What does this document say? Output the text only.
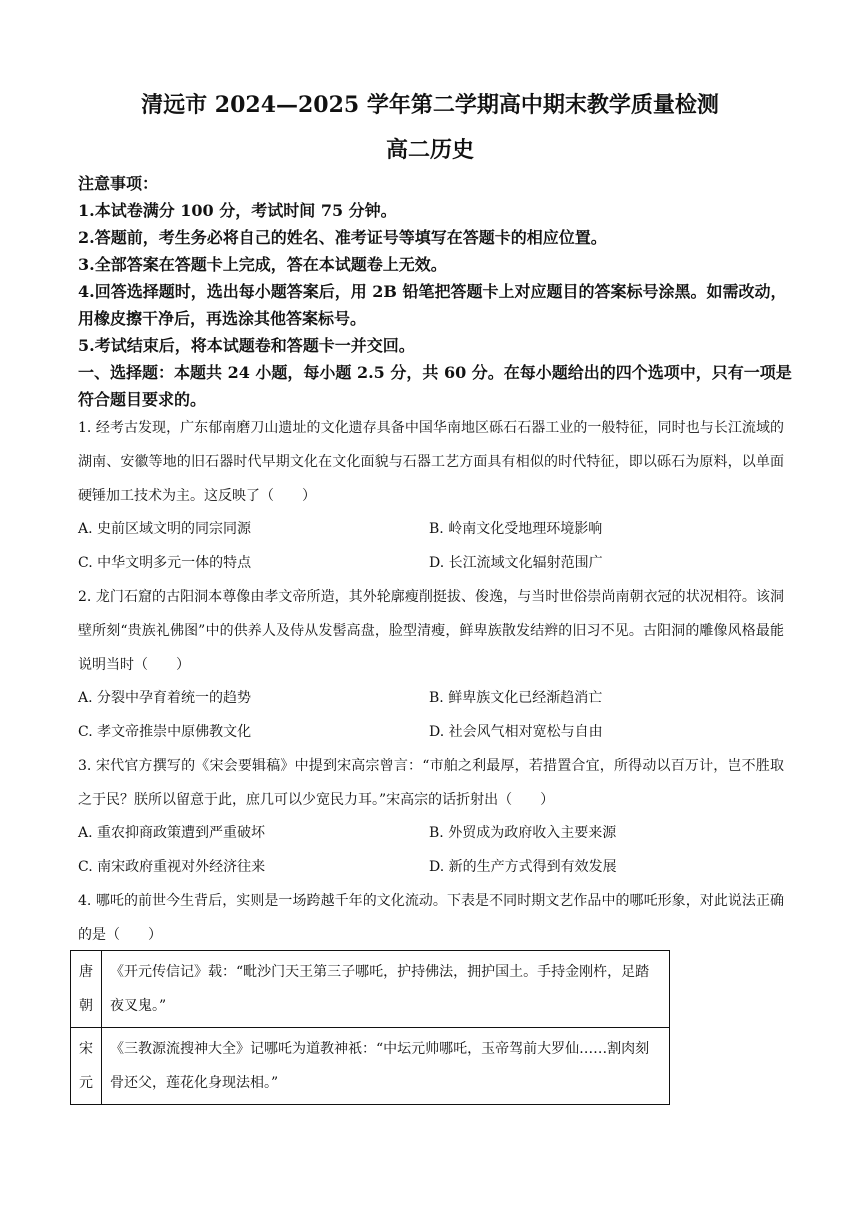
清远市 2024—2025 学年第二学期高中期末教学质量检测
高二历史
注意事项：
1.本试卷满分 100 分，考试时间 75 分钟。
2.答题前，考生务必将自己的姓名、准考证号等填写在答题卡的相应位置。
3.全部答案在答题卡上完成，答在本试题卷上无效。
4.回答选择题时，选出每小题答案后，用 2B 铅笔把答题卡上对应题目的答案标号涂黑。如需改动，用橡皮擦干净后，再选涂其他答案标号。
5.考试结束后，将本试题卷和答题卡一并交回。
一、选择题：本题共 24 小题，每小题 2.5 分，共 60 分。在每小题给出的四个选项中，只有一项是符合题目要求的。
1. 经考古发现，广东郁南磨刀山遗址的文化遗存具备中国华南地区砾石石器工业的一般特征，同时也与长江流域的湖南、安徽等地的旧石器时代早期文化在文化面貌与石器工艺方面具有相似的时代特征，即以砾石为原料，以单面硬锤加工技术为主。这反映了（　　）
A. 史前区域文明的同宗同源	B. 岭南文化受地理环境影响
C. 中华文明多元一体的特点	D. 长江流域文化辐射范围广
2. 龙门石窟的古阳洞本尊像由孝文帝所造，其外轮廓瘦削挺拔、俊逸，与当时世俗崇尚南朝衣冠的状况相符。该洞壁所刻“贵族礼佛图”中的供养人及侍从发髻高盘，脸型清瘦，鲜卑族散发结辫的旧习不见。古阳洞的雕像风格最能说明当时（　　）
A. 分裂中孕育着统一的趋势	B. 鲜卑族文化已经渐趋消亡
C. 孝文帝推崇中原佛教文化	D. 社会风气相对宽松与自由
3. 宋代官方撰写的《宋会要辑稿》中提到宋高宗曾言：“市舶之利最厚，若措置合宜，所得动以百万计，岂不胜取之于民？朕所以留意于此，庶几可以少宽民力耳。”宋高宗的话折射出（　　）
A. 重农抑商政策遭到严重破坏	B. 外贸成为政府收入主要来源
C. 南宋政府重视对外经济往来	D. 新的生产方式得到有效发展
4. 哪吒的前世今生背后，实则是一场跨越千年的文化流动。下表是不同时期文艺作品中的哪吒形象，对此说法正确的是（　　）
唐朝	《开元传信记》载：“毗沙门天王第三子哪吒，护持佛法，拥护国土。手持金刚杵，足踏夜叉鬼。”
宋元	《三教源流搜神大全》记哪吒为道教神祇：“中坛元帅哪吒，玉帝驾前大罗仙……割肉刻骨还父，莲花化身现法相。”
